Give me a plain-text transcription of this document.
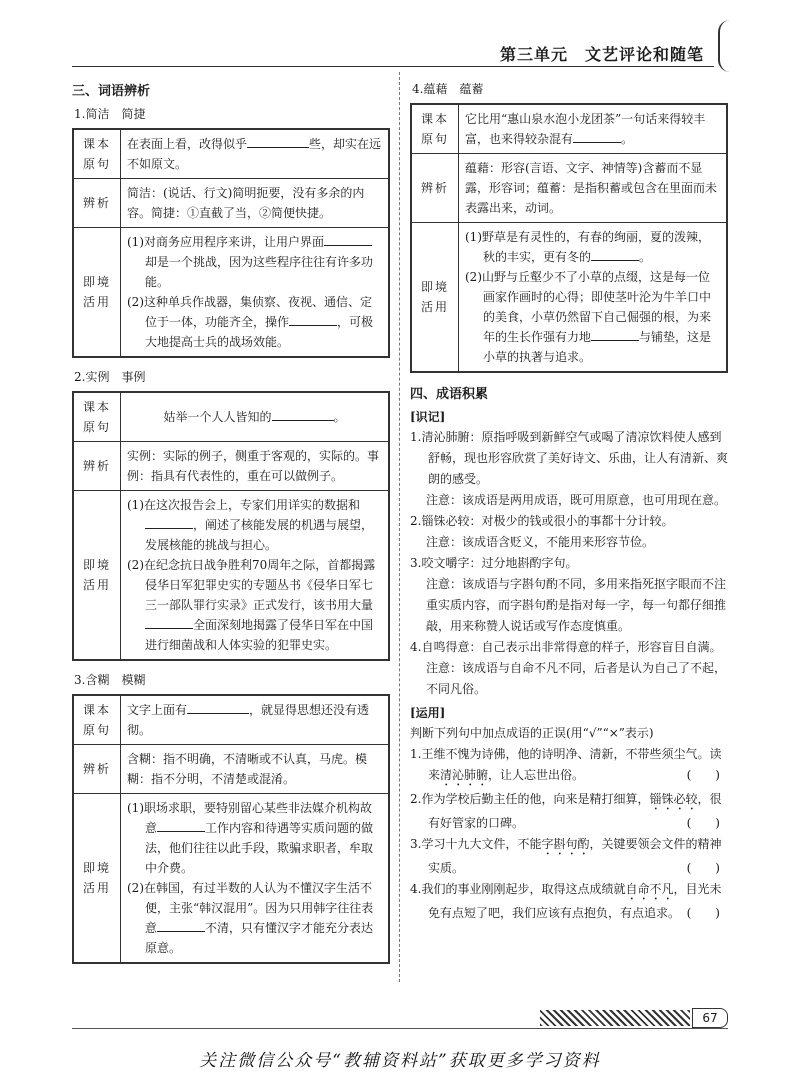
第三单元　文艺评论和随笔
三、词语辨析
1.简洁　简捷
课本原句	在表面上看，改得似乎 些，却实在远不如原文。
辨析	简洁：(说话、行文)简明扼要，没有多余的内容。简捷：①直截了当，②简便快捷。
即境活用	(1)对商务应用程序来讲，让用户界面却是一个挑战，因为这些程序往往有许多功能。
(2)这种单兵作战器，集侦察、夜视、通信、定位于一体，功能齐全，操作 ，可极大地提高士兵的战场效能。
2.实例　事例
课本原句	姑举一个人人皆知的 。
辨析	实例：实际的例子，侧重于客观的，实际的。事例：指具有代表性的，重在可以做例子。
即境活用	(1)在这次报告会上，专家们用详实的数据和，阐述了核能发展的机遇与展望，发展核能的挑战与担心。
(2)在纪念抗日战争胜利70周年之际，首都揭露侵华日军犯罪史实的专题丛书《侵华日军七三一部队罪行实录》正式发行，该书用大量全面深刻地揭露了侵华日军在中国进行细菌战和人体实验的犯罪史实。
3.含糊　模糊
课本原句	文字上面有 ，就显得思想还没有透彻。
辨析	含糊：指不明确，不清晰或不认真，马虎。模糊：指不分明，不清楚或混淆。
即境活用	(1)职场求职，要特别留心某些非法媒介机构故意 工作内容和待遇等实质问题的做法，他们往往以此手段，欺骗求职者，牟取中介费。
(2)在韩国，有过半数的人认为不懂汉字生活不便，主张“韩汉混用”。因为只用韩字往往表意 不清，只有懂汉字才能充分表达原意。
4.蕴藉　蕴蓄
课本原句	它比用“惠山泉水泡小龙团茶”一句话来得较丰富，也来得较杂混有 。
辨析	蕴藉：形容(言语、文字、神情等)含蓄而不显露，形容词；蕴蓄：是指积蓄或包含在里面而未表露出来，动词。
即境活用	(1)野草是有灵性的，有春的绚丽，夏的泼辣，秋的丰实，更有冬的 。
(2)山野与丘壑少不了小草的点缀，这是每一位画家作画时的心得；即使茎叶沦为牛羊口中的美食，小草仍然留下自己倔强的根，为来年的生长作强有力地 与铺垫，这是小草的执著与追求。
四、成语积累
[识记]

1.清沁肺腑：原指呼吸到新鲜空气或喝了清凉饮料使人感到舒畅，现也形容欣赏了美好诗文、乐曲，让人有清新、爽朗的感受。

注意：该成语是两用成语，既可用原意，也可用现在意。

2.锱铢必较：对极少的钱或很小的事都十分计较。

注意：该成语含贬义，不能用来形容节俭。

3.咬文嚼字：过分地斟酌字句。

注意：该成语与字斟句酌不同，多用来指死抠字眼而不注重实质内容，而字斟句酌是指对每一字，每一句都仔细推敲，用来称赞人说话或写作态度慎重。

4.自鸣得意：自己表示出非常得意的样子，形容盲目自满。

注意：该成语与自命不凡不同，后者是认为自己了不起，不同凡俗。

[运用]

判断下列句中加点成语的正误(用“√”“×”表示)

1.王维不愧为诗佛，他的诗明净、清新，不带些须尘气。读来清沁肺腑，让人忘世出俗。	(　　)

2.作为学校后勤主任的他，向来是精打细算，锱铢必较，很有好管家的口碑。	(　　)

3.学习十九大文件，不能字斟句酌，关键要领会文件的精神实质。	(　　)

4.我们的事业刚刚起步，取得这点成绩就自命不凡，目光未免有点短了吧，我们应该有点抱负，有点追求。 (　　)

67
关注微信公众号“教辅资料站”获取更多学习资料
